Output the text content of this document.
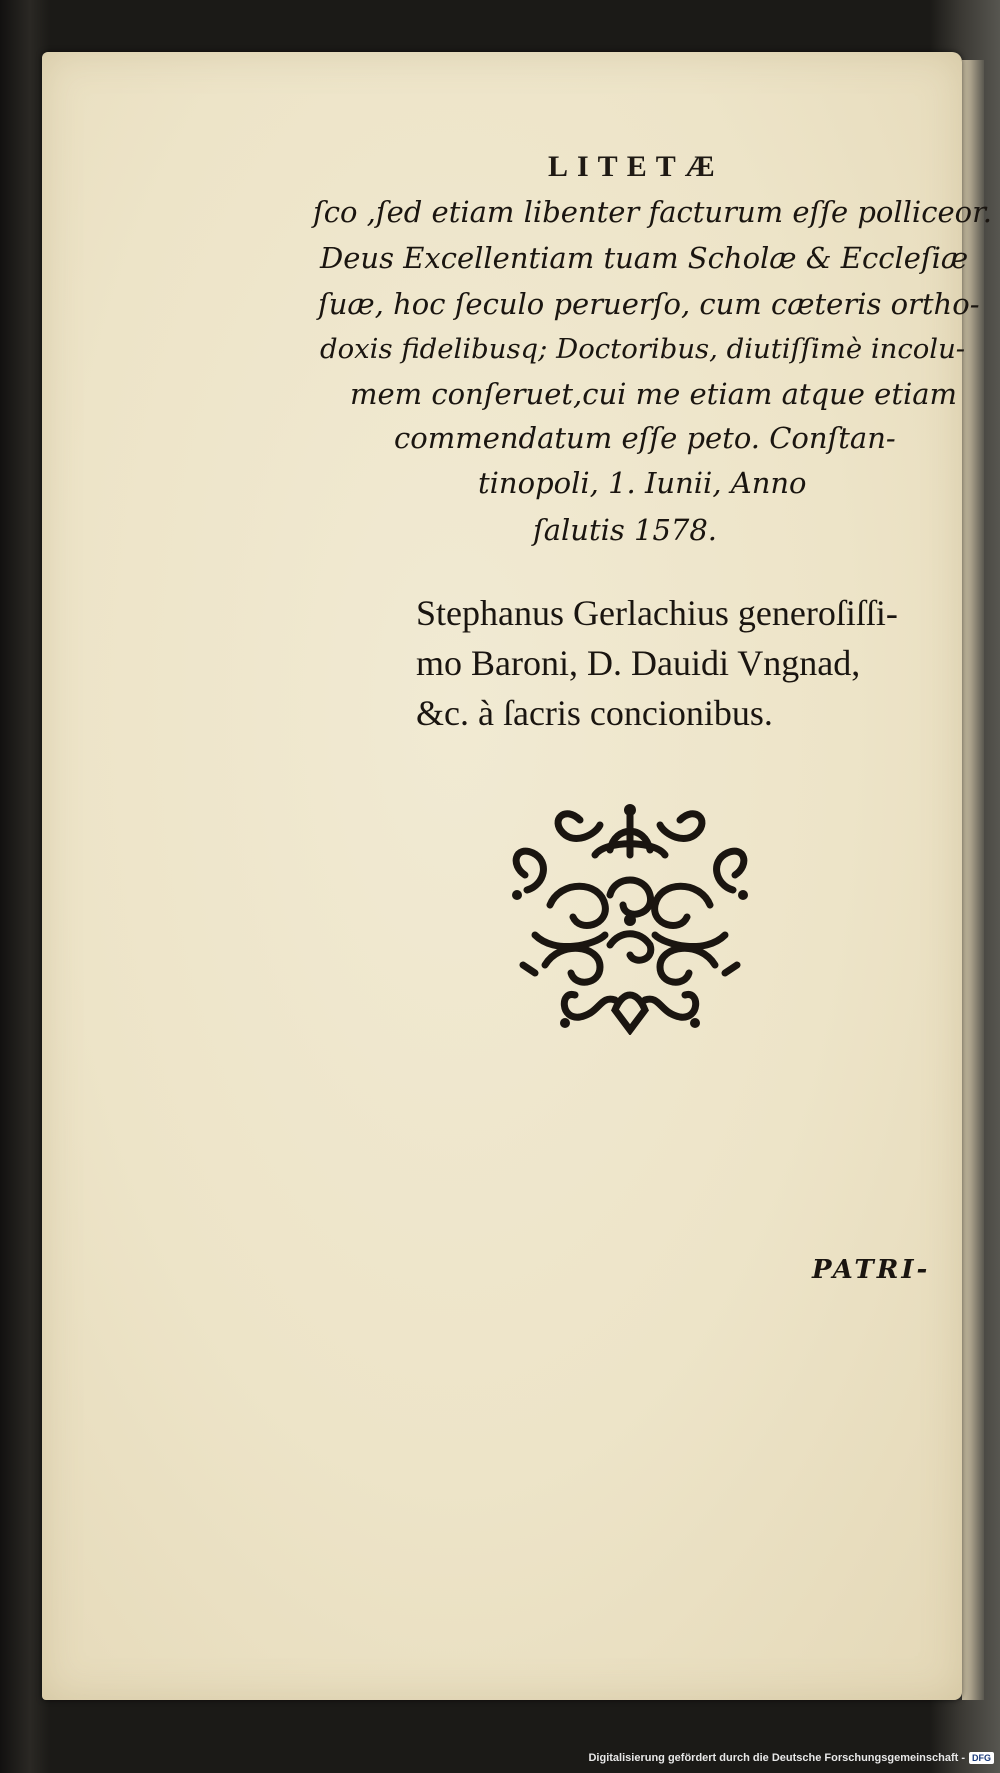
LITETÆ
ſco ,ſed etiam libenter facturum eſſe polliceor.
Deus Excellentiam tuam Scholæ & Eccleſiæ
ſuæ, hoc ſeculo peruerſo, cum cæteris ortho-
doxis fidelibusq; Doctoribus, diutiſſimè incolu-
mem conſeruet,cui me etiam atque etiam
commendatum eſſe peto. Conſtan-
tinopoli, 1. Iunii, Anno
ſalutis 1578.
Stephanus Gerlachius generoſiſſi-
mo Baroni, D. Dauidi Vngnad,
&c. à ſacris concionibus.
PATRI-
Digitalisierung gefördert durch die Deutsche Forschungsgemeinschaft - DFG
